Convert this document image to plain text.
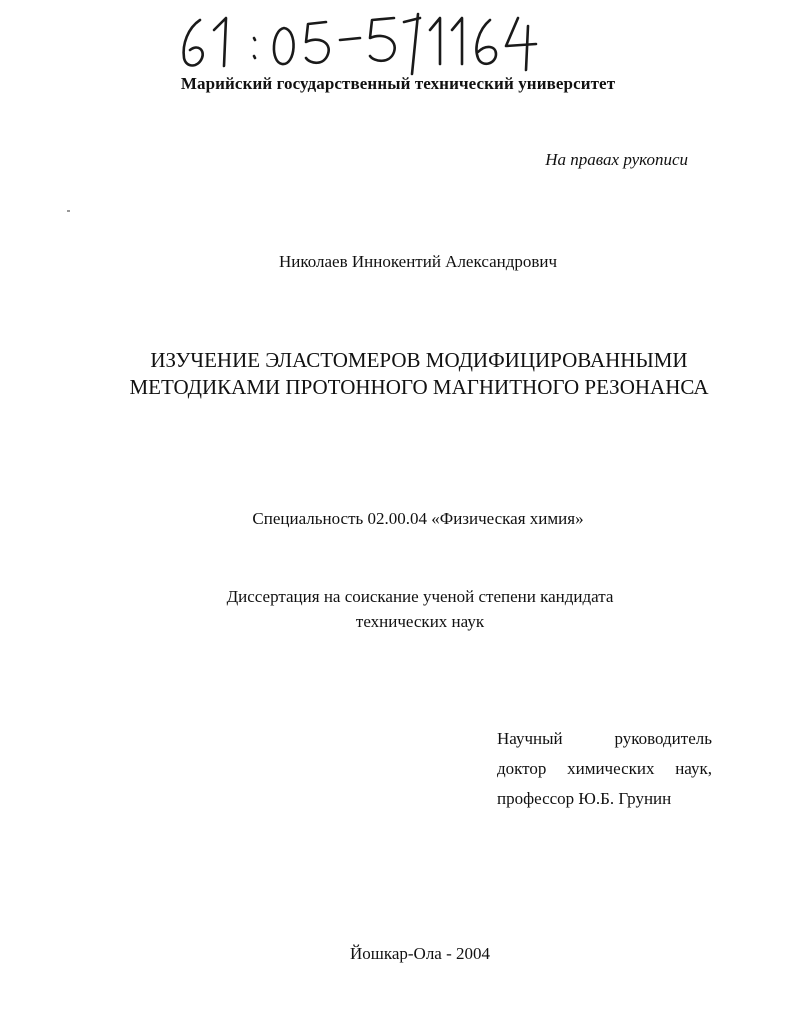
Марийский государственный технический университет
На правах рукописи
Николаев Иннокентий Александрович
ИЗУЧЕНИЕ ЭЛАСТОМЕРОВ МОДИФИЦИРОВАННЫМИ
МЕТОДИКАМИ ПРОТОННОГО МАГНИТНОГО РЕЗОНАНСА
Специальность 02.00.04 «Физическая химия»
Диссертация на соискание ученой степени кандидата
технических наук
Научный руководитель
доктор химических наук,
профессор Ю.Б. Грунин
Йошкар-Ола - 2004
